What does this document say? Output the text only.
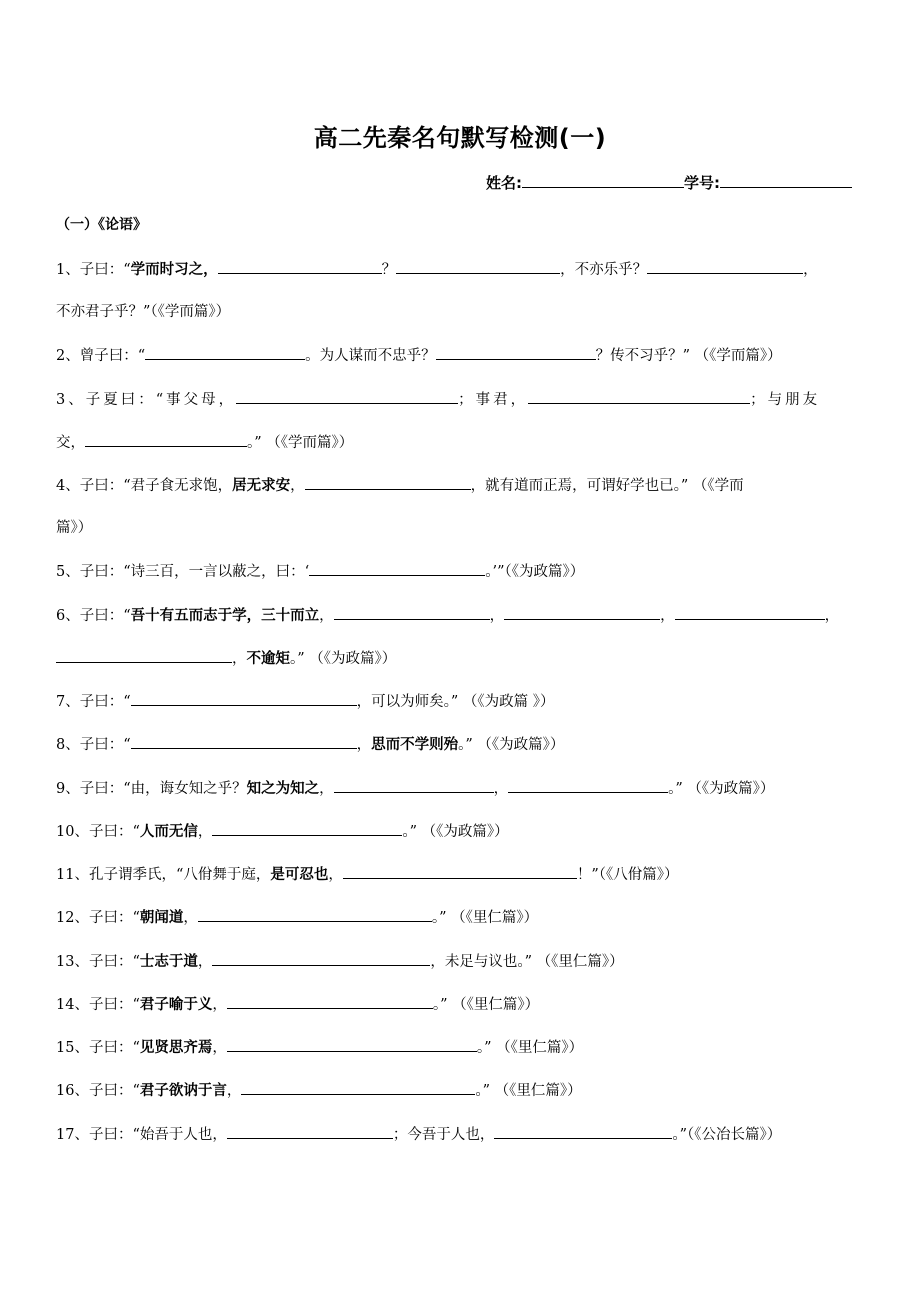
高二先秦名句默写检测(一)
姓名:	学号:
（一）《论语》
1、子曰：“学而时习之，	？	，不亦乐乎？	，
不亦君子乎？”（《学而篇》）
2、曾子曰：“	。为人谋而不忠乎？	？传不习乎？” （《学而篇》）
3、子夏曰：“事父母，	；事君，	；与朋友
交，	。” （《学而篇》）
4、子曰：“君子食无求饱，居无求安，	，就有道而正焉，可谓好学也已。” （《学而
篇》）
5、子曰：“诗三百，一言以蔽之，曰：‘	。’”（《为政篇》）
6、子曰：“吾十有五而志于学，三十而立，	，	，	，
，不逾矩。” （《为政篇》）
7、子曰：“	，可以为师矣。” （《为政篇 》）
8、子曰：“	，思而不学则殆。” （《为政篇》）
9、子曰：“由，诲女知之乎？知之为知之，	，	。” （《为政篇》）
10、子曰：“人而无信，	。” （《为政篇》）
11、孔子谓季氏，“八佾舞于庭，是可忍也，	！”（《八佾篇》）
12、子曰：“朝闻道，	。” （《里仁篇》）
13、子曰：“士志于道，	，未足与议也。” （《里仁篇》）
14、子曰：“君子喻于义，	。” （《里仁篇》）
15、子曰：“见贤思齐焉，	。” （《里仁篇》）
16、子曰：“君子欲讷于言，	。” （《里仁篇》）
17、子曰：“始吾于人也，	；今吾于人也，	。”（《公冶长篇》）
